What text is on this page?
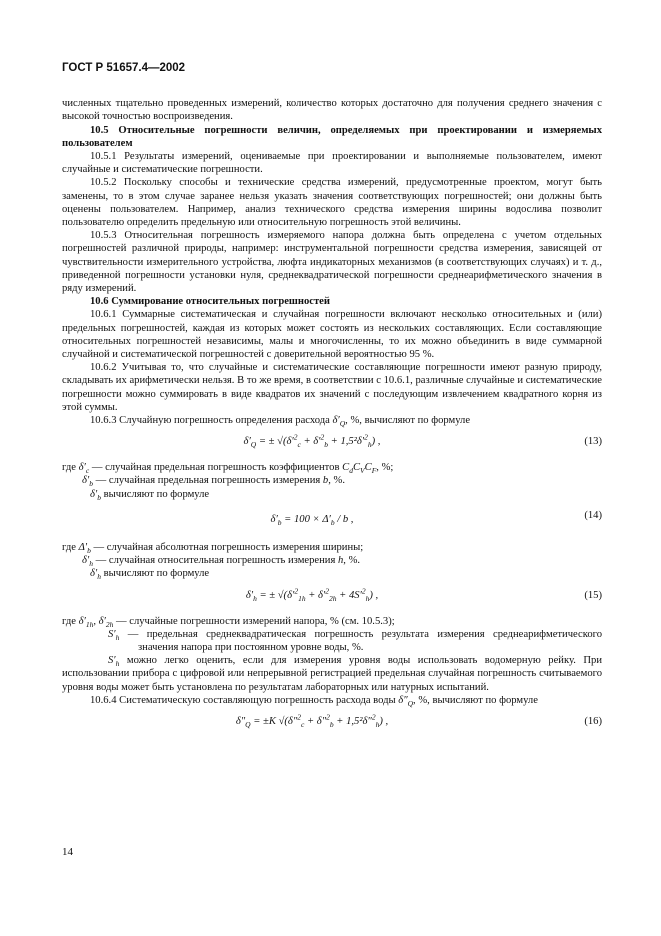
ГОСТ Р 51657.4—2002

численных тщательно проведенных измерений, количество которых достаточно для получения среднего значения с высокой точностью воспроизведения.

10.5 Относительные погрешности величин, определяемых при проектировании и измеряемых пользователем

10.5.1 Результаты измерений, оцениваемые при проектировании и выполняемые пользователем, имеют случайные и систематические погрешности.

10.5.2 Поскольку способы и технические средства измерений, предусмотренные проектом, могут быть заменены, то в этом случае заранее нельзя указать значения соответствующих погрешностей; они должны быть оценены пользователем. Например, анализ технического средства измерения ширины водослива позволит пользователю определить предельную или относительную погрешность этой величины.

10.5.3 Относительная погрешность измеряемого напора должна быть определена с учетом отдельных погрешностей различной природы, например: инструментальной погрешности средства измерения, зависящей от чувствительности измерительного устройства, люфта индикаторных механизмов (в соответствующих случаях) и т. д., приведенной погрешности установки нуля, среднеквадратической погрешности среднеарифметического значения в ряду измерений.

10.6 Суммирование относительных погрешностей

10.6.1 Суммарные систематическая и случайная погрешности включают несколько относительных и (или) предельных погрешностей, каждая из которых может состоять из нескольких составляющих. Если составляющие относительных погрешностей независимы, малы и многочисленны, то их можно объединить в виде суммарной случайной и систематической погрешностей с доверительной вероятностью 95 %.

10.6.2 Учитывая то, что случайные и систематические составляющие погрешности имеют разную природу, складывать их арифметически нельзя. В то же время, в соответствии с 10.6.1, различные случайные и систематические погрешности можно суммировать в виде квадратов их значений с последующим извлечением квадратного корня из этой суммы.

10.6.3 Случайную погрешность определения расхода $\delta'_Q$, %, вычисляют по формуле

$\delta'_Q$ = ± $√(\delta'^2_c + \delta'^2_b + 1,5^2\delta'^2_h)$ ,	(13)

где $\delta'_c$ — случайная предельная погрешность коэффициентов $C_dC_VC_F$, %;

$\delta'_b$ — случайная предельная погрешность измерения b, %.

$\delta'_b$ вычисляют по формуле

$\delta'_b = 100 \times \Delta'_b / b$ ,	(14)

где $\Delta'_b$ — случайная абсолютная погрешность измерения ширины;

$\delta'_h$ — случайная относительная погрешность измерения h, %.

$\delta'_h$ вычисляют по формуле

$\delta'_h$ = ± $√(\delta'^2_{1h} + \delta'^2_{2h} + 4S'^2_h)$ ,	(15)

где $\delta'_{1h}$, $\delta'_{2h}$ — случайные погрешности измерений напора, % (см. 10.5.3);

$S'_h$ — предельная среднеквадратическая погрешность результата измерения среднеарифметического значения напора при постоянном уровне воды, %.

$S'_h$ можно легко оценить, если для измерения уровня воды использовать водомерную рейку. При использовании прибора с цифровой или непрерывной регистрацией предельная случайная погрешность считываемого уровня воды может быть установлена по результатам лабораторных или натурных испытаний.

10.6.4 Систематическую составляющую погрешность расхода воды $\delta''_Q$, %, вычисляют по формуле

$\delta''_Q = \pm K$ √(δ″$^2_c$ + δ″$^2_b$ + 1,5²δ″$^2_h$) ,	(16)
14
